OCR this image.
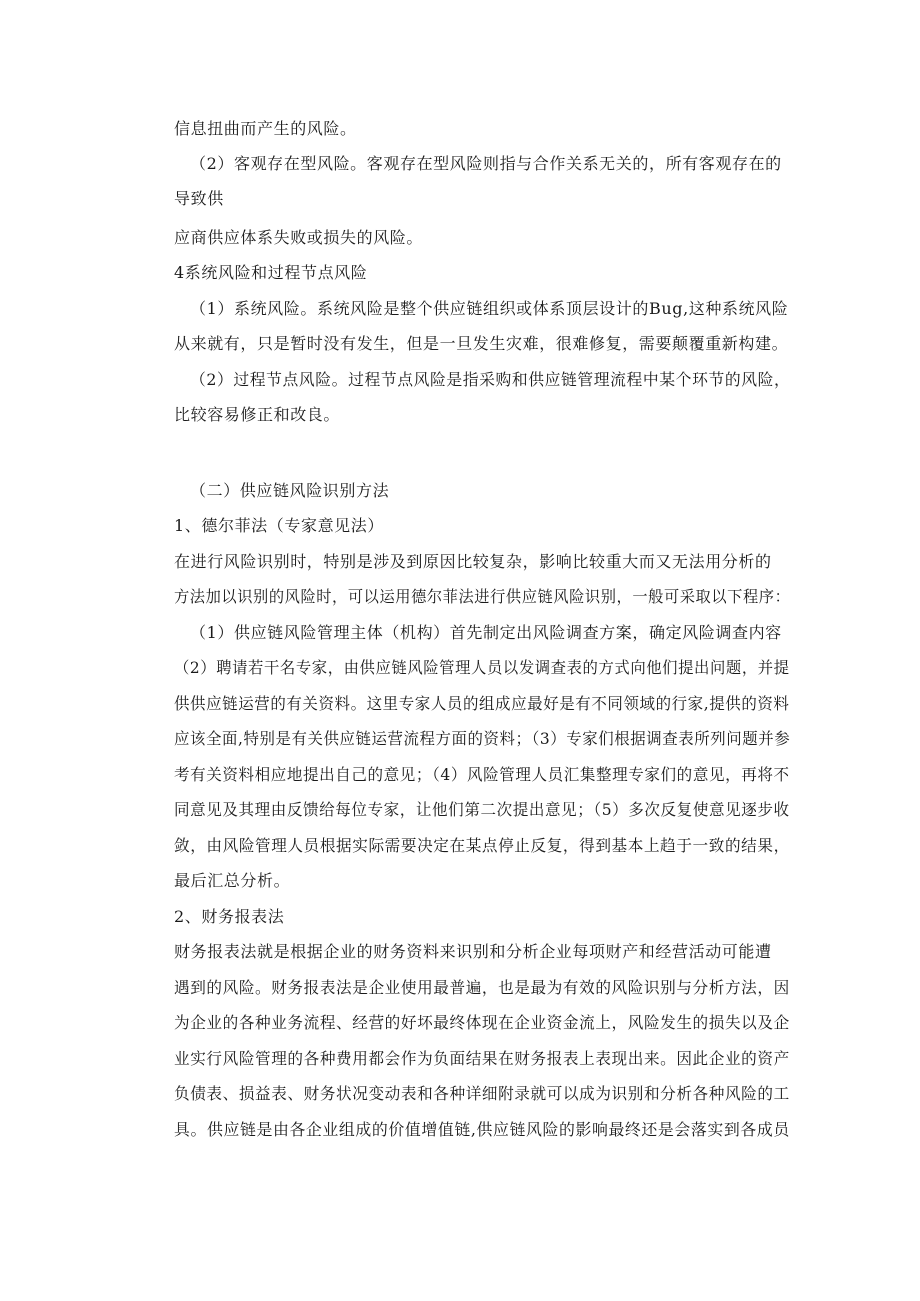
信息扭曲而产生的风险。
（2）客观存在型风险。客观存在型风险则指与合作关系无关的，所有客观存在的
导致供
应商供应体系失败或损失的风险。
4系统风险和过程节点风险
（1）系统风险。系统风险是整个供应链组织或体系顶层设计的Bug,这种系统风险
从来就有，只是暂时没有发生，但是一旦发生灾难，很难修复，需要颠覆重新构建。
（2）过程节点风险。过程节点风险是指采购和供应链管理流程中某个环节的风险，
比较容易修正和改良。
（二）供应链风险识别方法
1、德尔菲法（专家意见法）
在进行风险识别时，特别是涉及到原因比较复杂，影响比较重大而又无法用分析的
方法加以识别的风险时，可以运用德尔菲法进行供应链风险识别，一般可采取以下程序：
（1）供应链风险管理主体（机构）首先制定出风险调查方案，确定风险调查内容
（2）聘请若干名专家，由供应链风险管理人员以发调查表的方式向他们提出问题，并提
供供应链运营的有关资料。这里专家人员的组成应最好是有不同领域的行家,提供的资料
应该全面,特别是有关供应链运营流程方面的资料；（3）专家们根据调查表所列问题并参
考有关资料相应地提出自己的意见；（4）风险管理人员汇集整理专家们的意见，再将不
同意见及其理由反馈给每位专家，让他们第二次提出意见；（5）多次反复使意见逐步收
敛，由风险管理人员根据实际需要决定在某点停止反复，得到基本上趋于一致的结果，
最后汇总分析。
2、财务报表法
财务报表法就是根据企业的财务资料来识别和分析企业每项财产和经营活动可能遭
遇到的风险。财务报表法是企业使用最普遍，也是最为有效的风险识别与分析方法，因
为企业的各种业务流程、经营的好坏最终体现在企业资金流上，风险发生的损失以及企
业实行风险管理的各种费用都会作为负面结果在财务报表上表现出来。因此企业的资产
负债表、损益表、财务状况变动表和各种详细附录就可以成为识别和分析各种风险的工
具。供应链是由各企业组成的价值增值链,供应链风险的影响最终还是会落实到各成员
